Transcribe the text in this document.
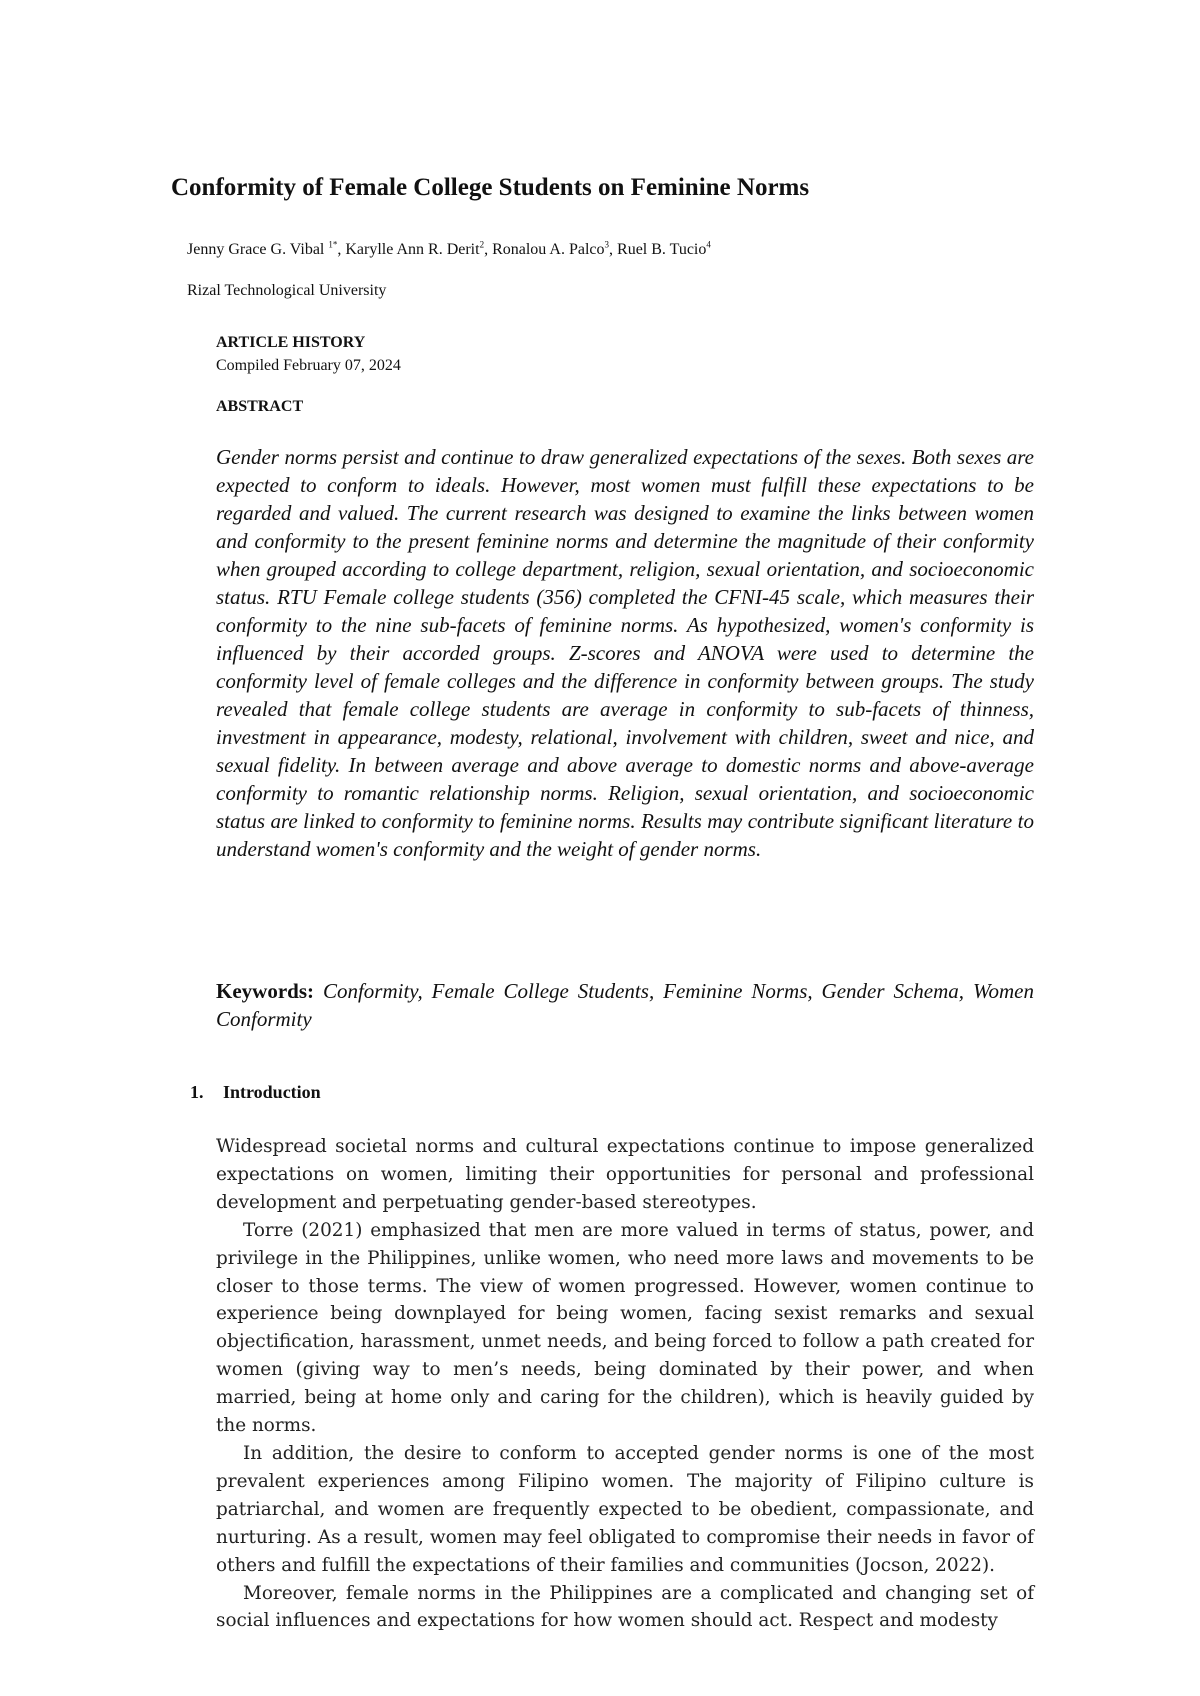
Conformity of Female College Students on Feminine Norms
Jenny Grace G. Vibal $^{1*}$, Karylle Ann R. Derit$^2$, Ronalou A. Palco$^3$, Ruel B. Tucio$^4$
Rizal Technological University
ARTICLE HISTORY
Compiled February 07, 2024
ABSTRACT

Gender norms persist and continue to draw generalized expectations of the sexes. Both sexes are expected to conform to ideals. However, most women must fulfill these expectations to be regarded and valued. The current research was designed to examine the links between women and conformity to the present feminine norms and determine the magnitude of their conformity when grouped according to college department, religion, sexual orientation, and socioeconomic status. RTU Female college students (356) completed the CFNI-45 scale, which measures their conformity to the nine sub-facets of feminine norms. As hypothesized, women's conformity is influenced by their accorded groups. Z-scores and ANOVA were used to determine the conformity level of female colleges and the difference in conformity between groups. The study revealed that female college students are average in conformity to sub-facets of thinness, investment in appearance, modesty, relational, involvement with children, sweet and nice, and sexual fidelity. In between average and above average to domestic norms and above-average conformity to romantic relationship norms. Religion, sexual orientation, and socioeconomic status are linked to conformity to feminine norms. Results may contribute significant literature to understand women's conformity and the weight of gender norms.

Keywords: Conformity, Female College Students, Feminine Norms, Gender Schema, Women Conformity

1. Introduction

Widespread societal norms and cultural expectations continue to impose generalized expectations on women, limiting their opportunities for personal and professional development and perpetuating gender-based stereotypes.

Torre (2021) emphasized that men are more valued in terms of status, power, and privilege in the Philippines, unlike women, who need more laws and movements to be closer to those terms. The view of women progressed. However, women continue to experience being downplayed for being women, facing sexist remarks and sexual objectification, harassment, unmet needs, and being forced to follow a path created for women (giving way to men’s needs, being dominated by their power, and when married, being at home only and caring for the children), which is heavily guided by the norms.

In addition, the desire to conform to accepted gender norms is one of the most prevalent experiences among Filipino women. The majority of Filipino culture is patriarchal, and women are frequently expected to be obedient, compassionate, and nurturing. As a result, women may feel obligated to compromise their needs in favor of others and fulfill the expectations of their families and communities (Jocson, 2022).

Moreover, female norms in the Philippines are a complicated and changing set of social influences and expectations for how women should act. Respect and modesty
